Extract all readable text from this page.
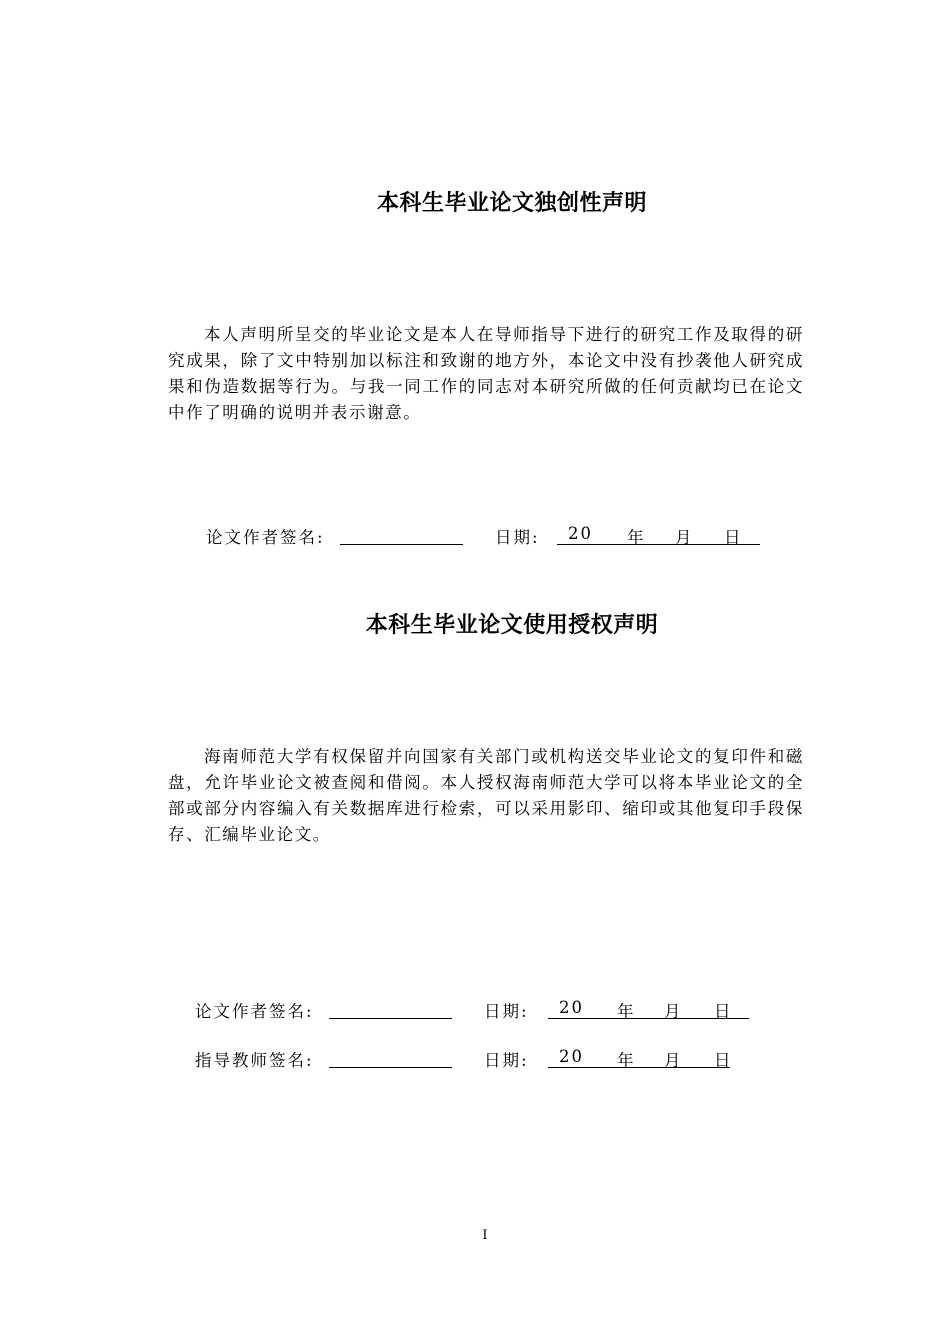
本科生毕业论文独创性声明
本人声明所呈交的毕业论文是本人在导师指导下进行的研究工作及取得的研究成果，除了文中特别加以标注和致谢的地方外，本论文中没有抄袭他人研究成果和伪造数据等行为。与我一同工作的同志对本研究所做的任何贡献均已在论文中作了明确的说明并表示谢意。
论文作者签名:	日期: 20 年 月 日
本科生毕业论文使用授权声明
海南师范大学有权保留并向国家有关部门或机构送交毕业论文的复印件和磁盘，允许毕业论文被查阅和借阅。本人授权海南师范大学可以将本毕业论文的全部或部分内容编入有关数据库进行检索，可以采用影印、缩印或其他复印手段保存、汇编毕业论文。
论文作者签名:	日期: 20 年 月 日
指导教师签名:	日期: 20 年 月 日
I
